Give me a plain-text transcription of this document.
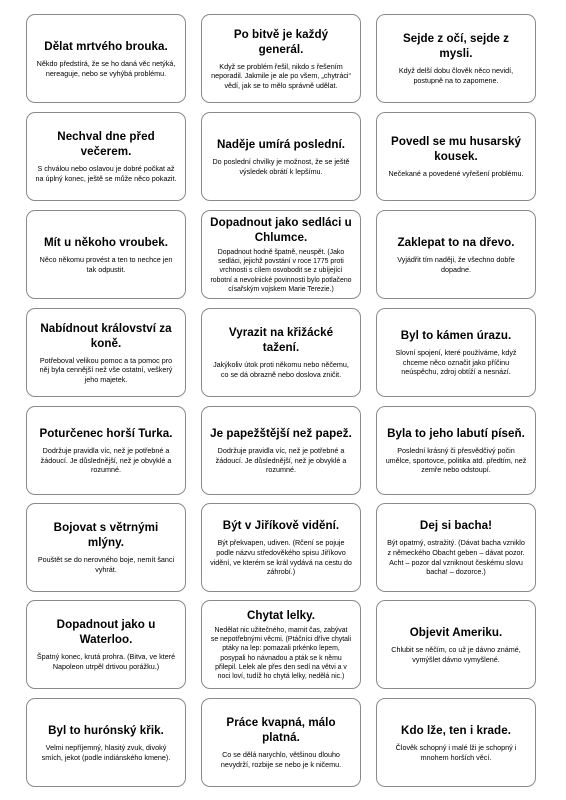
Dělat mrtvého brouka.
Někdo předstírá, že se ho daná věc netýká, nereaguje, nebo se vyhýbá problému.
Po bitvě je každý generál.
Když se problém řešil, nikdo s řešením neporadil. Jakmile je ale po všem, „chytráci“ vědí, jak se to mělo správně udělat.
Sejde z očí, sejde z mysli.
Když delší dobu člověk něco nevidí, postupně na to zapomene.
Nechval dne před večerem.
S chválou nebo oslavou je dobré počkat až na úplný konec, ještě se může něco pokazit.
Naděje umírá poslední.
Do poslední chvilky je možnost, že se ještě výsledek obrátí k lepšímu.
Povedl se mu husarský kousek.
Nečekané a povedené vyřešení problému.
Mít u někoho vroubek.
Něco někomu provést a ten to nechce jen tak odpustit.
Dopadnout jako sedláci u Chlumce.
Dopadnout hodně špatně, neuspět. (Jako sedláci, jejichž povstání v roce 1775 proti vrchnosti s cílem osvobodit se z ubíjející robotní a nevolnické povinnosti bylo potlačeno císařským vojskem Marie Terezie.)
Zaklepat to na dřevo.
Vyjádřit tím naději, že všechno dobře dopadne.
Nabídnout království za koně.
Potřeboval velikou pomoc a ta pomoc pro něj byla cennější než vše ostatní, veškerý jeho majetek.
Vyrazit na křižácké tažení.
Jakýkoliv útok proti někomu nebo něčemu, co se dá obrazně nebo doslova zničit.
Byl to kámen úrazu.
Slovní spojení, které používáme, když chceme něco označit jako příčinu neúspěchu, zdroj obtíží a nesnází.
Poturčenec horší Turka.
Dodržuje pravidla víc, než je potřebné a žádoucí. Je důslednější, než je obvyklé a rozumné.
Je papežštější než papež.
Dodržuje pravidla víc, než je potřebné a žádoucí. Je důslednější, než je obvyklé a rozumné.
Byla to jeho labutí píseň.
Poslední krásný či přesvědčivý počin umělce, sportovce, politika atd. předtím, než zemře nebo odstoupí.
Bojovat s větrnými mlýny.
Pouštět se do nerovného boje, nemít šanci vyhrát.
Být v Jiříkově vidění.
Být překvapen, udiven. (Rčení se pojuje podle názvu středověkého spisu Jiříkovo vidění, ve kterém se král vydává na cestu do záhrobí.)
Dej si bacha!
Být opatrný, ostražitý. (Dávat bacha vzniklo z německého Obacht geben – dávat pozor. Acht – pozor dal vzniknout českému slovu bacha! – dozorce.)
Dopadnout jako u Waterloo.
Špatný konec, krutá prohra. (Bitva, ve které Napoleon utrpěl drtivou porážku.)
Chytat lelky.
Nedělat nic užitečného, marnit čas, zabývat se nepotřebnými věcmi. (Ptáčníci dříve chytali ptáky na lep: pomazali prkénko lepem, posypali ho návnadou a pták se k němu přilepil. Lelek ale přes den sedí na větvi a v noci loví, tudíž ho chytá lelky, nedělá nic.)
Objevit Ameriku.
Chlubit se něčím, co už je dávno známé, vymýšlet dávno vymyšlené.
Byl to hurónský křik.
Velmi nepříjemný, hlasitý zvuk, divoký smích, jekot (podle indiánského kmene).
Práce kvapná, málo platná.
Co se dělá narychlo, většinou dlouho nevydrží, rozbije se nebo je k ničemu.
Kdo lže, ten i krade.
Člověk schopný i malé lži je schopný i mnohem horších věcí.
